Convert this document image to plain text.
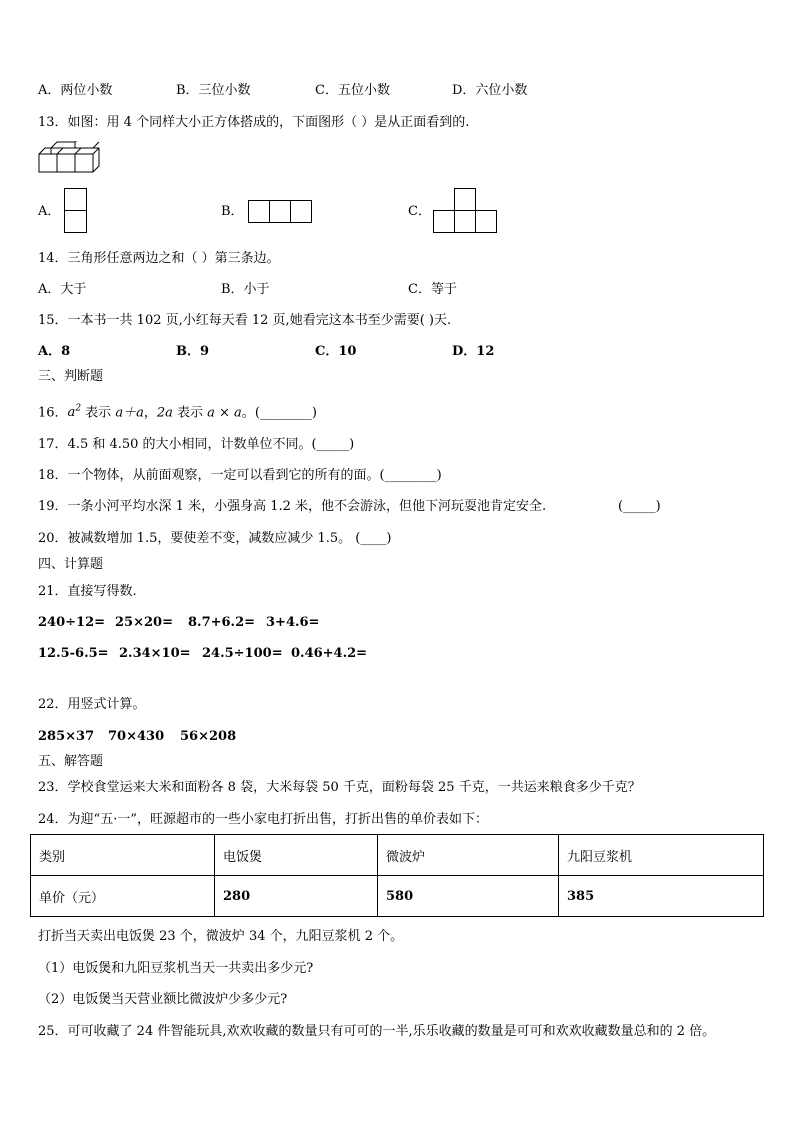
A．两位小数	B．三位小数	C．五位小数	D．六位小数
13．如图：用 4 个同样大小正方体搭成的，下面图形（ ）是从正面看到的.
A．	B．	C．
14．三角形任意两边之和（ ）第三条边。
A．大于	B．小于	C．等于
15．一本书一共 102 页,小红每天看 12 页,她看完这本书至少需要( )天.
A．8	B．9	C．10	D．12
三、判断题
16．$a^2$ 表示 a＋a，2a 表示 a × a。(________)
17．4.5 和 4.50 的大小相同，计数单位不同。(_____)
18．一个物体，从前面观察，一定可以看到它的所有的面。(________)
19．一条小河平均水深 1 米，小强身高 1.2 米，他不会游泳，但他下河玩耍池肯定安全.	(_____)
20．被减数增加 1.5，要使差不变，减数应减少 1.5。 (____)
四、计算题
21．直接写得数.
240÷12= 25×20= 8.7+6.2= 3+4.6=
12.5-6.5= 2.34×10= 24.5÷100= 0.46+4.2=
22．用竖式计算。
285×37 70×430 56×208
五、解答题
23．学校食堂运来大米和面粉各 8 袋，大米每袋 50 千克，面粉每袋 25 千克，一共运来粮食多少千克？
24．为迎“五·一”，旺源超市的一些小家电打折出售，打折出售的单价表如下：
类别	电饭煲	微波炉	九阳豆浆机
单价（元）	280	580	385
打折当天卖出电饭煲 23 个，微波炉 34 个，九阳豆浆机 2 个。
（1）电饭煲和九阳豆浆机当天一共卖出多少元?
（2）电饭煲当天营业额比微波炉少多少元?
25．可可收藏了 24 件智能玩具,欢欢收藏的数量只有可可的一半,乐乐收藏的数量是可可和欢欢收藏数量总和的 2 倍。
